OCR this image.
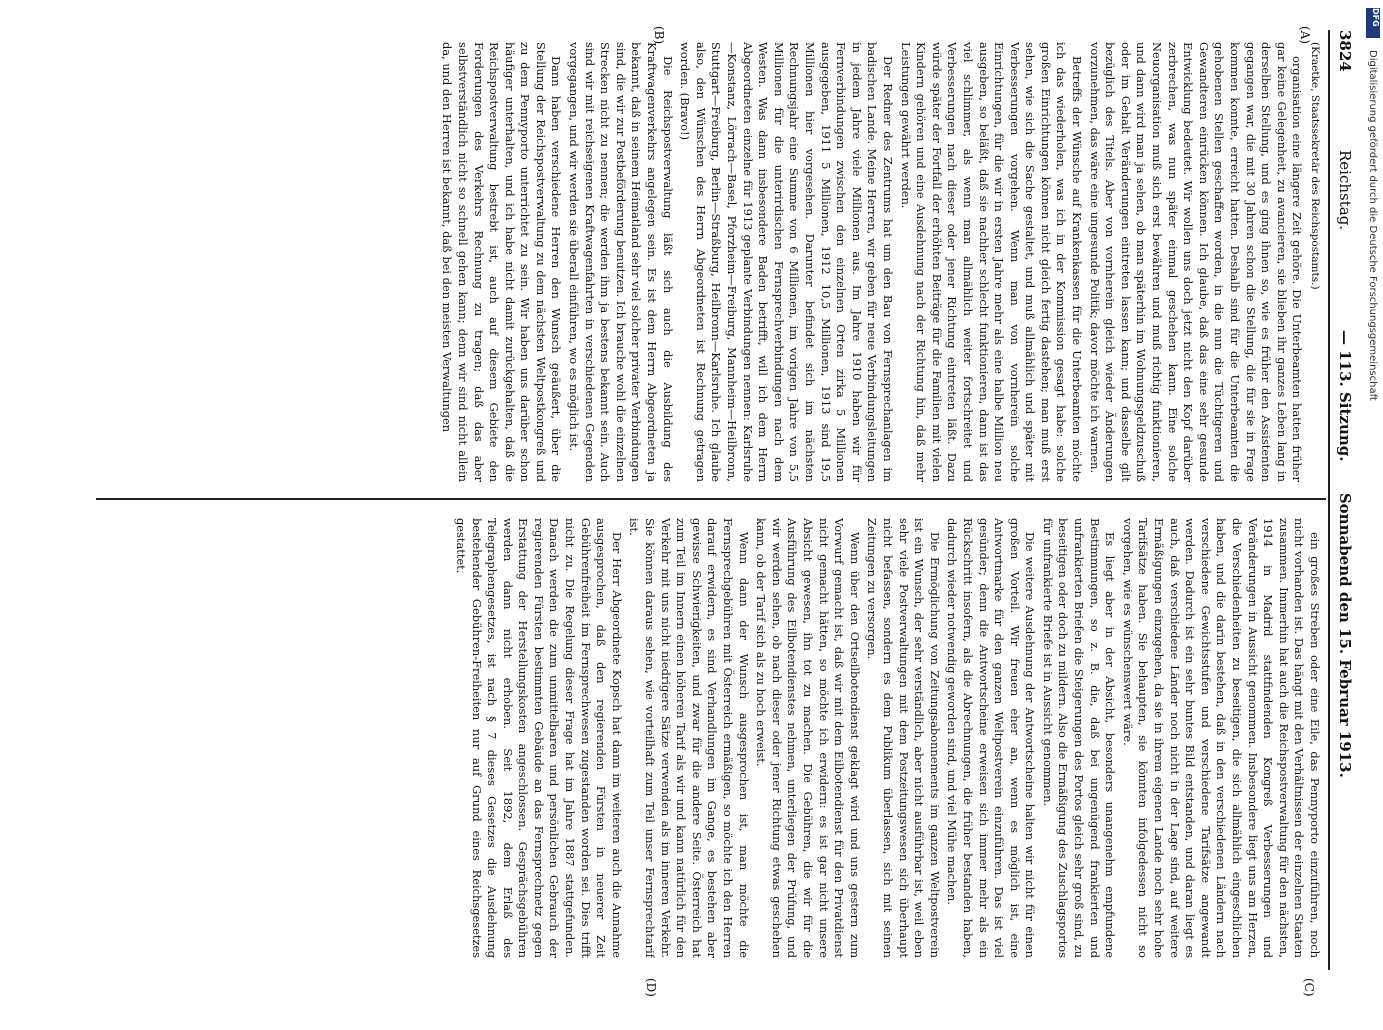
3824
Reichstag.
— 113. Sitzung.      Sonnabend den 15. Februar 1913.
(A)
(B)
(C)
(D)

(Kraetke, Staatssekretär des Reichspostamts.)

organisation eine längere Zeit gehöre. Die Unterbeamten hatten früher gar keine Gelegenheit, zu avancieren, sie blieben ihr ganzes Leben lang in derselben Stellung, und es ging ihnen so, wie es früher den Assistenten gegangen war, die mit 30 Jahren schon die Stellung, die für sie in Frage kommen konnte, erreicht hatten. Deshalb sind für die Unterbeamten die gehobenen Stellen geschaffen worden, in die nun die Tüchtigeren und Gewandteren einrücken können. Ich glaube, daß das eine sehr gesunde Entwicklung bedeutet. Wir wollen uns doch jetzt nicht den Kopf darüber zerbrechen, was nun später einmal geschehen kann. Eine solche Neuorganisation muß sich erst bewähren und muß richtig funktionieren, und dann wird man ja sehen, ob man späterhin im Wohnungsgeldzuschuß oder im Gehalt Veränderungen eintreten lassen kann; und dasselbe gilt bezüglich des Titels. Aber von vornherein gleich wieder Änderungen vorzunehmen, das wäre eine ungesunde Politik; davor möchte ich warnen.

Betreffs der Wünsche auf Krankenkassen für die Unterbeamten möchte ich das wiederholen, was ich in der Kommission gesagt habe: solche großen Einrichtungen können nicht gleich fertig dastehen; man muß erst sehen, wie sich die Sache gestaltet, und muß allmählich und später mit Verbesserungen vorgehen. Wenn man von vornherein solche Einrichtungen, für die wir in ersten Jahre mehr als eine halbe Million neu ausgeben, so beläßt, daß sie nachher schlecht funktionieren, dann ist das viel schlimmer, als wenn man allmählich weiter fortschreitet und Verbesserungen nach dieser oder jener Richtung eintreten läßt. Dazu würde später der Fortfall der erhöhten Beiträge für die Familien mit vielen Kindern gehören und eine Ausdehnung nach der Richtung hin, daß mehr Leistungen gewährt werden.

Der Redner des Zentrums hat um den Bau von Fernsprechanlagen im badischen Lande. Meine Herren, wir geben für neue Verbindungsleitungen in jedem Jahre viele Millionen aus. Im Jahre 1910 haben wir für Fernverbindungen zwischen den einzelnen Orten zirka 5 Millionen ausgegeben, 1911 5 Millionen, 1912 10,5 Millionen, 1913 sind 19,5 Millionen hier vorgesehen. Darunter befindet sich im nächsten Rechnungsjahr eine Summe von 6 Millionen, im vorigen Jahre von 5,5 Millionen für die unterirdischen Fernsprechverbindungen nach dem Westen. Was dann insbesondere Baden betrifft, will ich dem Herrn Abgeordneten einzelne für 1913 geplante Verbindungen nennen: Karlsruhe—Konstanz, Lörrach—Basel, Pforzheim—Freiburg, Mannheim—Heilbronn, Stuttgart—Freiburg, Berlin—Straßburg, Heilbronn—Karlsruhe. Ich glaube also, den Wünschen des Herrn Abgeordneten ist Rechnung getragen worden. (Bravo!)

Die Reichspostverwaltung läßt sich auch die Ausbildung des Kraftwagenverkehrs angelegen sein. Es ist dem Herrn Abgeordneten ja bekannt, daß in seinem Heimatland sehr viel solcher privater Verbindungen sind, die wir zur Postbeförderung benutzen. Ich brauche wohl die einzelnen Strecken nicht zu nennen; die werden ihm ja bestens bekannt sein. Auch sind wir mit reichseigenen Kraftwagenfahrten in verschiedenen Gegenden vorgegangen, und wir werden sie überall einführen, wo es möglich ist.

Dann haben verschiedene Herren den Wunsch geäußert, über die Stellung der Reichspostverwaltung zu dem nächsten Weltpostkongreß und zu dem Pennyporto unterrichtet zu sein. Wir haben uns darüber schon häufiger unterhalten, und ich habe nicht damit zurückgehalten, daß die Reichspostverwaltung bestrebt ist, auch auf diesem Gebiete den Forderungen des Verkehrs Rechnung zu tragen; daß das aber selbstverständlich nicht so schnell gehen kann; denn wir sind nicht allein da, und den Herren ist bekannt, daß bei den meisten Verwaltungen

ein großes Streben oder eine Eile, das Pennyporto einzuführen, noch nicht vorhanden ist. Das hängt mit den Verhältnissen der einzelnen Staaten zusammen. Immerhin hat auch die Reichspostverwaltung für den nächsten, 1914 in Madrid stattfindenden Kongreß Verbesserungen und Veränderungen in Aussicht genommen. Insbesondere liegt uns am Herzen, die Verschiedenheiten zu beseitigen, die sich allmählich eingeschlichen haben, und die darin bestehen, daß in den verschiedenen Ländern nach verschiedene Gewichtsstufen und verschiedene Tarifsätze angewandt werden. Dadurch ist ein sehr buntes Bild entstanden, und daran liegt es auch, daß verschiedene Länder noch nicht in der Lage sind, auf weitere Ermäßigungen einzugehen, da sie in ihrem eigenen Lande noch sehr hohe Tarifsätze haben. Sie behaupten, sie könnten infolgedessen nicht so vorgehen, wie es wünschenswert wäre.

Es liegt aber in der Absicht, besonders unangenehm empfundene Bestimmungen, so z. B. die, daß bei ungenügend frankierten und unfrankierten Briefen die Steigerungen des Portos gleich sehr groß sind, zu beseitigen oder doch zu mildern. Also die Ermäßigung des Zuschlagsportos für unfrankierte Briefe ist in Aussicht genommen.

Die weitere Ausdehnung der Antwortscheine halten wir nicht für einen großen Vorteil. Wir freuen eher an, wenn es möglich ist, eine Antwortmarke für den ganzen Weltpostverein einzuführen. Das ist viel gesünder; denn die Antwortscheine erweisen sich immer mehr als ein Rückschritt insofern, als die Abrechnungen, die früher bestanden haben, dadurch wieder notwendig geworden sind, und viel Mühe machen.

Die Ermöglichung von Zeitungsabonnements im ganzen Weltpostverein ist ein Wunsch, der sehr verständlich, aber nicht ausführbar ist, weil eben sehr viele Postverwaltungen mit dem Postzeitungswesen sich überhaupt nicht befassen, sondern es dem Publikum überlassen, sich mit seinen Zeitungen zu versorgen.

Wenn über den Ortseilbotendienst geklagt wird und uns gestern zum Vorwurf gemacht ist, daß wir mit dem Eilbotendienst für den Privatdienst nicht gemacht hätten, so möchte ich erwidern: es ist gar nicht unsere Absicht gewesen, ihn tot zu machen. Die Gebühren, die wir für die Ausführung des Eilbotendienstes nehmen, unterliegen der Prüfung, und wir werden sehen, ob nach dieser oder jener Richtung etwas geschehen kann, ob der Tarif sich als zu hoch erweist.

Wenn dann der Wunsch ausgesprochen ist, man möchte die Fernsprechgebühren mit Österreich ermäßigen, so möchte ich den Herren darauf erwidern, es sind Verhandlungen im Gange, es bestehen aber gewisse Schwierigkeiten, und zwar für die andere Seite. Österreich hat zum Teil im Innern einen höheren Tarif als wir und kann natürlich für den Verkehr mit uns nicht niedrigere Sätze verwenden als im inneren Verkehr. Sie können daraus sehen, wie vorteilhaft zum Teil unser Fernsprechtarif ist.

Der Herr Abgeordnete Kopsch hat dann im weiteren auch die Annahme ausgesprochen, daß den regierenden Fürsten in neuerer Zeit Gebührenfreiheit im Fernsprechwesen zugestanden worden sei. Dies trifft nicht zu. Die Regelung dieser Frage hat im Jahre 1887 stattgefunden. Danach werden die zum unmittelbaren und persönlichen Gebrauch der regierenden Fürsten bestimmten Gebäude an das Fernsprechnetz gegen Erstattung der Herstellungskosten angeschlossen. Gesprächsgebühren werden dann nicht erhoben. Seit 1892, dem Erlaß des Telegraphengesetzes, ist nach § 7 dieses Gesetzes die Ausdehnung bestehender Gebühren-Freiheiten nur auf Grund eines Reichsgesetzes gestattet.

DFG
Digitalisierung gefördert durch die Deutsche Forschungsgemeinschaft
